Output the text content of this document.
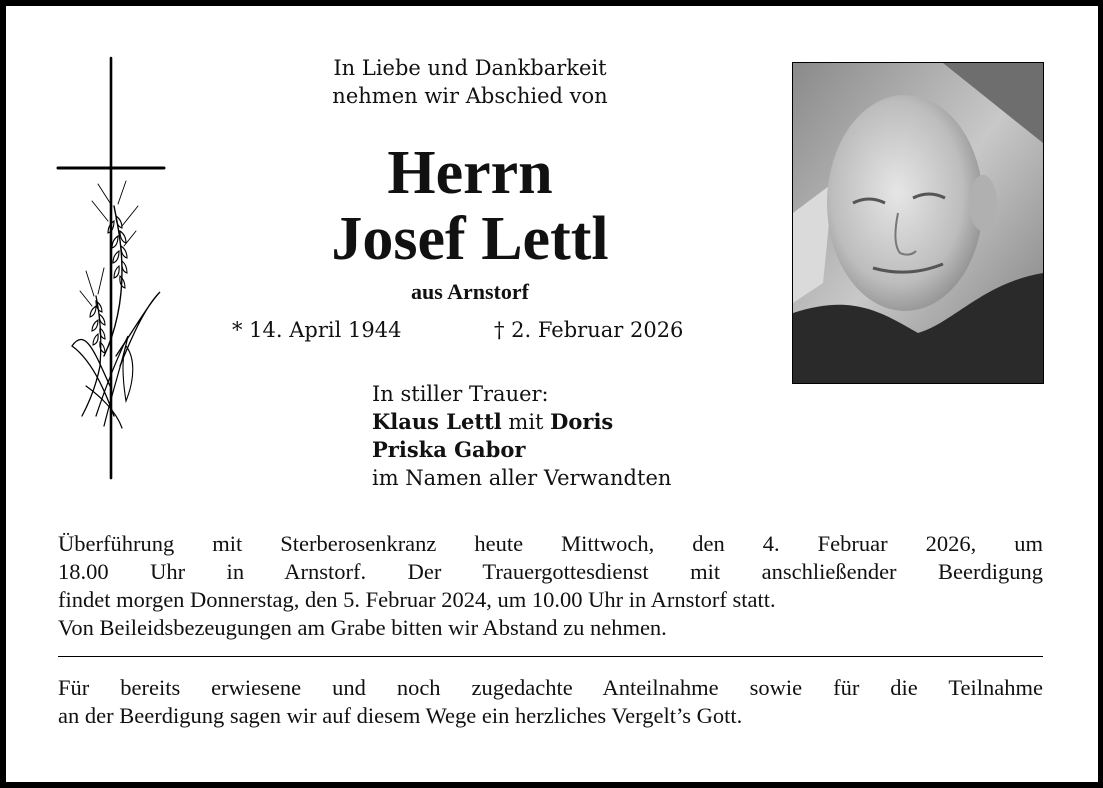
In Liebe und Dankbarkeit
nehmen wir Abschied von
Herrn
Josef Lettl
aus Arnstorf
* 14. April 1944	† 2. Februar 2026
In stiller Trauer:
Klaus Lettl mit Doris
Priska Gabor
im Namen aller Verwandten
Überführung mit Sterberosenkranz heute Mittwoch, den 4. Februar 2026, um
18.00 Uhr in Arnstorf. Der Trauergottesdienst mit anschließender Beerdigung
findet morgen Donnerstag, den 5. Februar 2024, um 10.00 Uhr in Arnstorf statt.
Von Beileidsbezeugungen am Grabe bitten wir Abstand zu nehmen.
Für bereits erwiesene und noch zugedachte Anteilnahme sowie für die Teilnahme
an der Beerdigung sagen wir auf diesem Wege ein herzliches Vergelt’s Gott.
